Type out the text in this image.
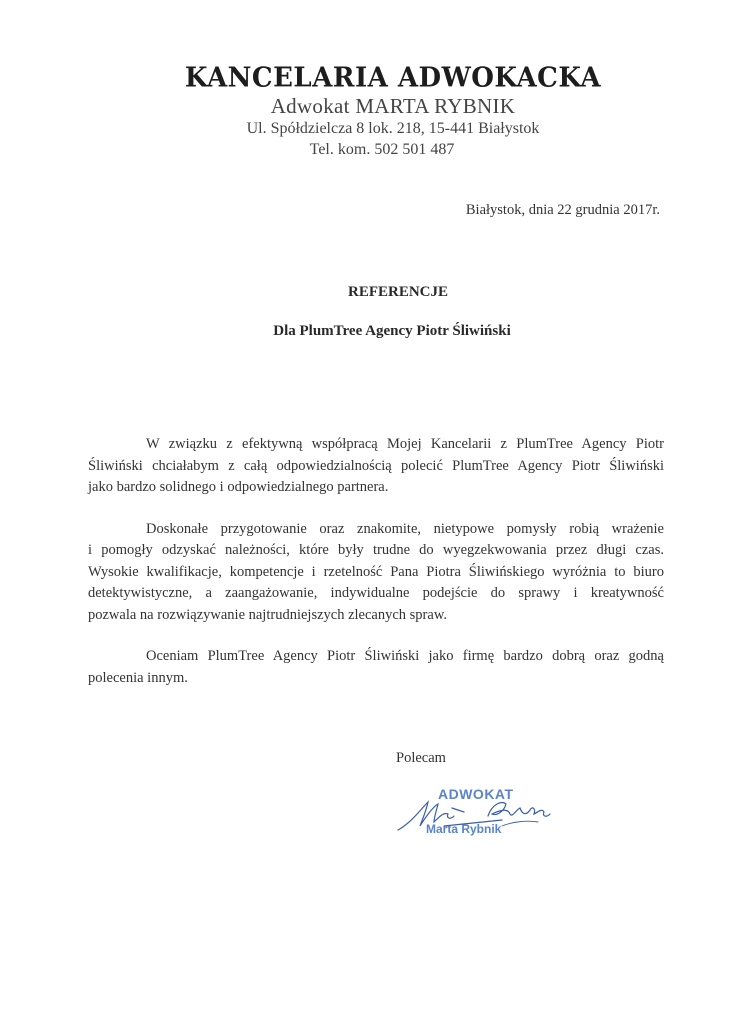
KANCELARIA ADWOKACKA
Adwokat MARTA RYBNIK
Ul. Spółdzielcza 8 lok. 218, 15-441 Białystok
Tel. kom. 502 501 487
Białystok, dnia 22 grudnia 2017r.
REFERENCJE
Dla PlumTree Agency Piotr Śliwiński
W związku z efektywną współpracą Mojej Kancelarii z PlumTree Agency Piotr
Śliwiński chciałabym z całą odpowiedzialnością polecić PlumTree Agency Piotr Śliwiński
jako bardzo solidnego i odpowiedzialnego partnera.
Doskonałe przygotowanie oraz znakomite, nietypowe pomysły robią wrażenie
i pomogły odzyskać należności, które były trudne do wyegzekwowania przez długi czas.
Wysokie kwalifikacje, kompetencje i rzetelność Pana Piotra Śliwińskiego wyróżnia to biuro
detektywistyczne, a zaangażowanie, indywidualne podejście do sprawy i kreatywność
pozwala na rozwiązywanie najtrudniejszych zlecanych spraw.
Oceniam PlumTree Agency Piotr Śliwiński jako firmę bardzo dobrą oraz godną
polecenia innym.
Polecam
ADWOKAT
Marta Rybnik
